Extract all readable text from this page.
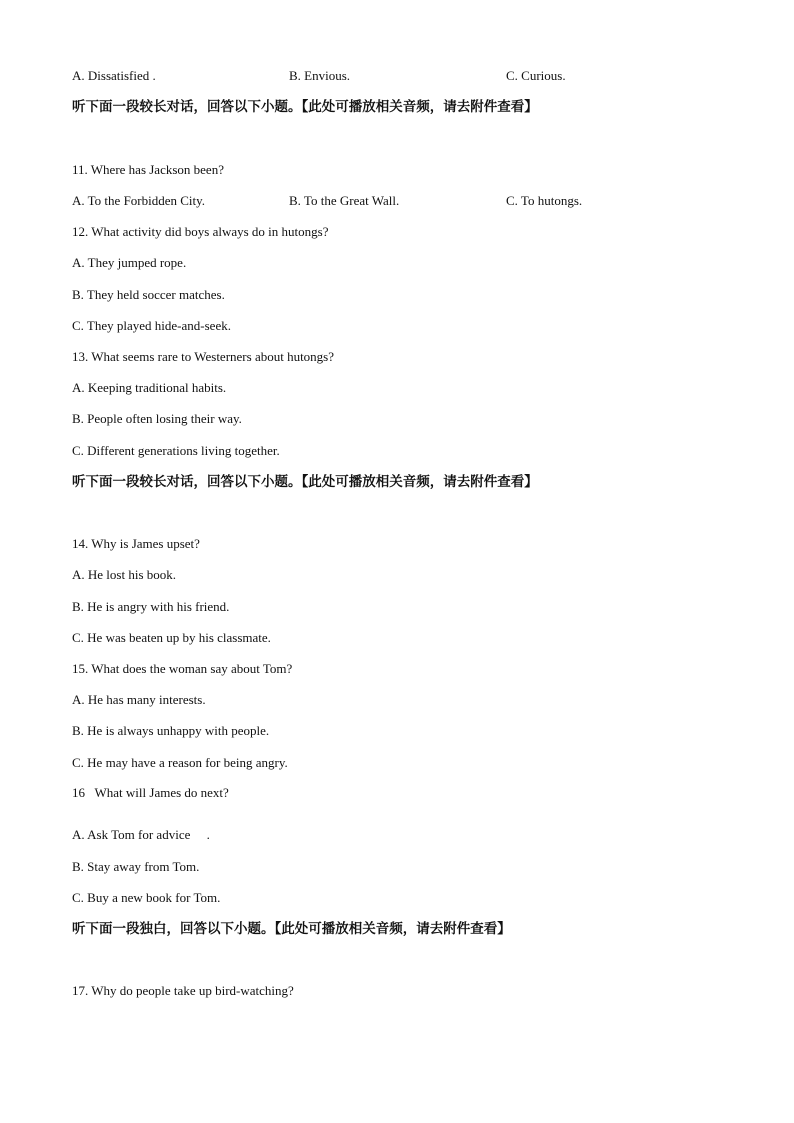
A. Dissatisfied .	B. Envious.	C. Curious.
听下面一段较长对话，回答以下小题。【此处可播放相关音频，请去附件查看】
11. Where has Jackson been?
A. To the Forbidden City.	B. To the Great Wall.	C. To hutongs.
12. What activity did boys always do in hutongs?
A. They jumped rope.
B. They held soccer matches.
C. They played hide-and-seek.
13. What seems rare to Westerners about hutongs?
A. Keeping traditional habits.
B. People often losing their way.
C. Different generations living together.
听下面一段较长对话，回答以下小题。【此处可播放相关音频，请去附件查看】
14. Why is James upset?
A. He lost his book.
B. He is angry with his friend.
C. He was beaten up by his classmate.
15. What does the woman say about Tom?
A. He has many interests.
B. He is always unhappy with people.
C. He may have a reason for being angry.
16   What will James do next?
A. Ask Tom for advice     .
B. Stay away from Tom.
C. Buy a new book for Tom.
听下面一段独白，回答以下小题。【此处可播放相关音频，请去附件查看】
17. Why do people take up bird-watching?
